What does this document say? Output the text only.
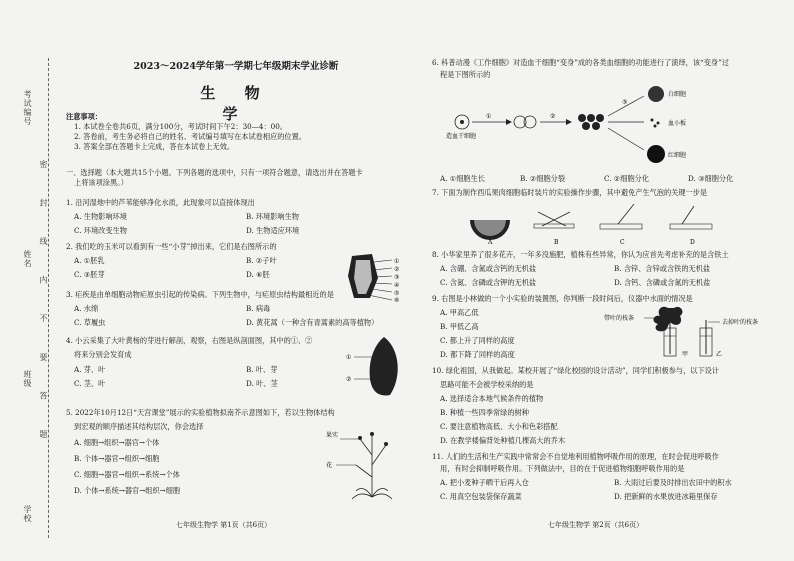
考试编号
姓名
班级
学校
密 封 线 内 不 要 答 题
2023～2024学年第一学期七年级期末学业诊断
生 物 学
注意事项：
1. 本试卷全卷共6页，满分100分，考试时间下午2：30—4：00。
2. 答卷前，考生务必将自己的姓名、考试编号填写在本试卷相应的位置。
3. 答案全部在答题卡上完成，答在本试卷上无效。
一、选择题（本大题共15个小题。下列各题的选项中，只有一项符合题意，请选出并在答题卡
上将该项涂黑。）
1. 沿河湿地中的芦苇能够净化水质，此现象可以直接体现出
A. 生物影响环境	B. 环境影响生物
C. 环境改变生物	D. 生物适应环境
2. 我们吃的玉米可以看到有一些“小芽”掉出来，它们是右图所示的
A. ①胚乳	B. ②子叶
C. ③胚芽	D. ⑥胚
①
②
③
④
⑤
⑥
3. 疟疾是由单细胞动物疟原虫引起的传染病。下列生物中，与疟原虫结构最相近的是
A. 水绵	B. 病毒
C. 草履虫	D. 黄花蒿（一种含有青蒿素的高等植物）
4. 小云采集了大叶黄杨的芽进行解剖，观察，右图是纵剖面图，其中的①、②
将来分别会发育成
A. 芽、叶	B. 叶、芽
C. 茎、叶	D. 叶、茎
①
②
5. 2022年10月12日“天宫课堂”展示的实验植物拟南芥示意图如下，若以生物体结构
到宏观的顺序描述其结构层次，你会选择
A. 细胞→组织→器官→个体
B. 个体→器官→组织→细胞
C. 细胞→器官→组织→系统→个体
D. 个体→系统→器官→组织→细胞
果实
花
七年级生物学 第1页（共6页）
6. 科普动漫《工作细胞》对造血干细胞“变身”成的各类血细胞的功能进行了演绎，该“变身”过
程是下图所示的
①	②
③
造血干细胞
白细胞
血小板
红细胞
A. ①细胞生长	B. ②细胞分裂	C. ②细胞分化	D. ③细胞分化
7. 下面为制作西瓜果肉细胞临时装片的实验操作步骤，其中避免产生气泡的关键一步是
A	B	C	D
8. 小华家里养了很多花卉，一年多没施肥，植株有些异常，你认为应首先考虑补充的是含铁土
A. 含硼、含氮或含钙的无机盐	B. 含锌、含锌或含铁的无机盐
C. 含氮、含磷或含钾的无机盐	D. 含钙、含磷或含氮的无机盐
9. 右图是小林做的一个小实验的装置图，你判断一段时间后，仪器中水面的情况是
A. 甲高乙低
B. 甲低乙高
C. 都上升了同样的高度
D. 都下降了同样的高度
带叶的枝条
去掉叶的枝条
甲	乙
10. 绿化祖国，从我做起。某校开展了“绿化校园的设计活动”，同学们积极参与，以下设计
思路可能不会被学校采纳的是
A. 选择适合本地气候条件的植物
B. 种植一些四季常绿的树种
C. 要注意植物高低、大小和色彩搭配
D. 在教学楼偏背处种植几棵高大的乔木
11. 人们的生活和生产实践中常常会不自觉地利用植物呼吸作用的原理，在时会促进呼吸作
用，有时会抑制呼吸作用。下列做法中，目的在于促进植物细胞呼吸作用的是
A. 把小麦种子晒干后再入仓	B. 大雨过后要及时排出农田中的积水
C. 用真空包装袋保存蔬菜	D. 把新鲜的水果放进冰箱里保存
七年级生物学 第2页（共6页）
